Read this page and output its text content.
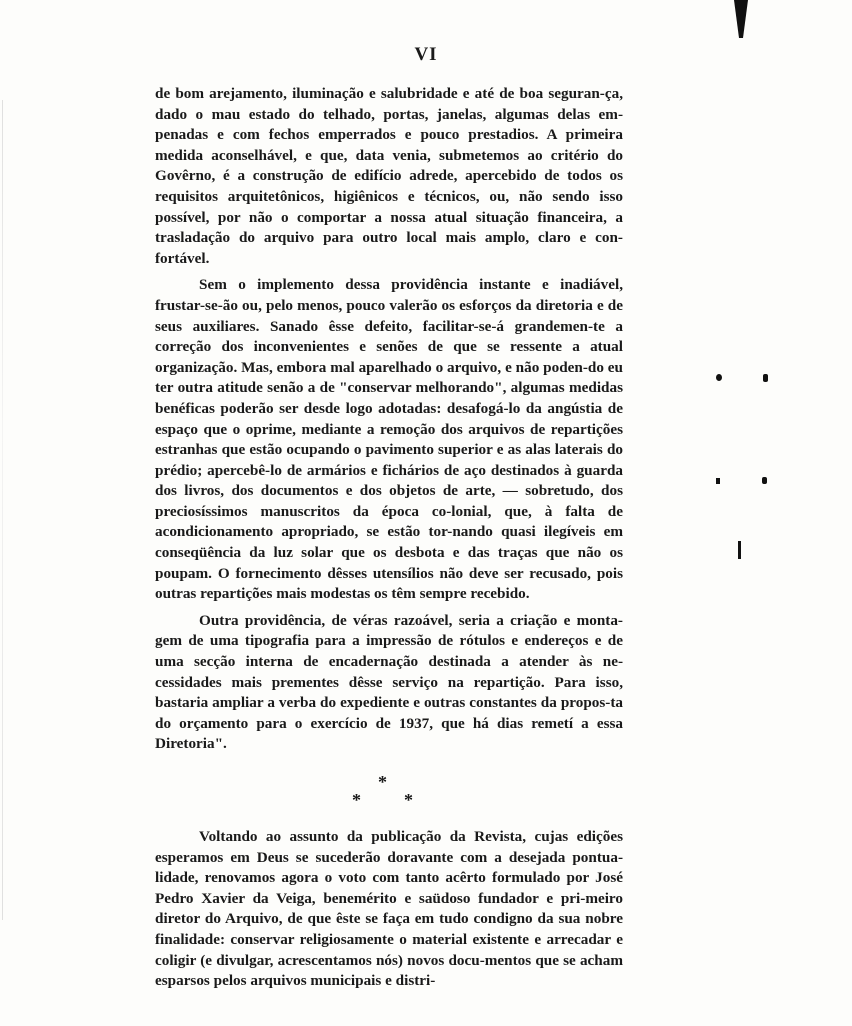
VI

de bom arejamento, iluminação e salubridade e até de boa seguran-ça, dado o mau estado do telhado, portas, janelas, algumas delas em-penadas e com fechos emperrados e pouco prestadios. A primeira medida aconselhável, e que, data venia, submetemos ao critério do Govêrno, é a construção de edifício adrede, apercebido de todos os requisitos arquitetônicos, higiênicos e técnicos, ou, não sendo isso possível, por não o comportar a nossa atual situação financeira, a trasladação do arquivo para outro local mais amplo, claro e con-fortável.

Sem o implemento dessa providência instante e inadiável, frustar-se-ão ou, pelo menos, pouco valerão os esforços da diretoria e de seus auxiliares. Sanado êsse defeito, facilitar-se-á grandemen-te a correção dos inconvenientes e senões de que se ressente a atual organização. Mas, embora mal aparelhado o arquivo, e não poden-do eu ter outra atitude senão a de "conservar melhorando", algumas medidas benéficas poderão ser desde logo adotadas: desafogá-lo da angústia de espaço que o oprime, mediante a remoção dos arquivos de repartições estranhas que estão ocupando o pavimento superior e as alas laterais do prédio; apercebê-lo de armários e fichários de aço destinados à guarda dos livros, dos documentos e dos objetos de arte, — sobretudo, dos preciosíssimos manuscritos da época co-lonial, que, à falta de acondicionamento apropriado, se estão tor-nando quasi ilegíveis em conseqüência da luz solar que os desbota e das traças que não os poupam. O fornecimento dêsses utensílios não deve ser recusado, pois outras repartições mais modestas os têm sempre recebido.

Outra providência, de véras razoável, seria a criação e monta-gem de uma tipografia para a impressão de rótulos e endereços e de uma secção interna de encadernação destinada a atender às ne-cessidades mais prementes dêsse serviço na repartição. Para isso, bastaria ampliar a verba do expediente e outras constantes da propos-ta do orçamento para o exercício de 1937, que há dias remetí a essa Diretoria".

*
* *

Voltando ao assunto da publicação da Revista, cujas edições esperamos em Deus se sucederão doravante com a desejada pontua-lidade, renovamos agora o voto com tanto acêrto formulado por José Pedro Xavier da Veiga, benemérito e saüdoso fundador e pri-meiro diretor do Arquivo, de que êste se faça em tudo condigno da sua nobre finalidade: conservar religiosamente o material existente e arrecadar e coligir (e divulgar, acrescentamos nós) novos docu-mentos que se acham esparsos pelos arquivos municipais e distri-
